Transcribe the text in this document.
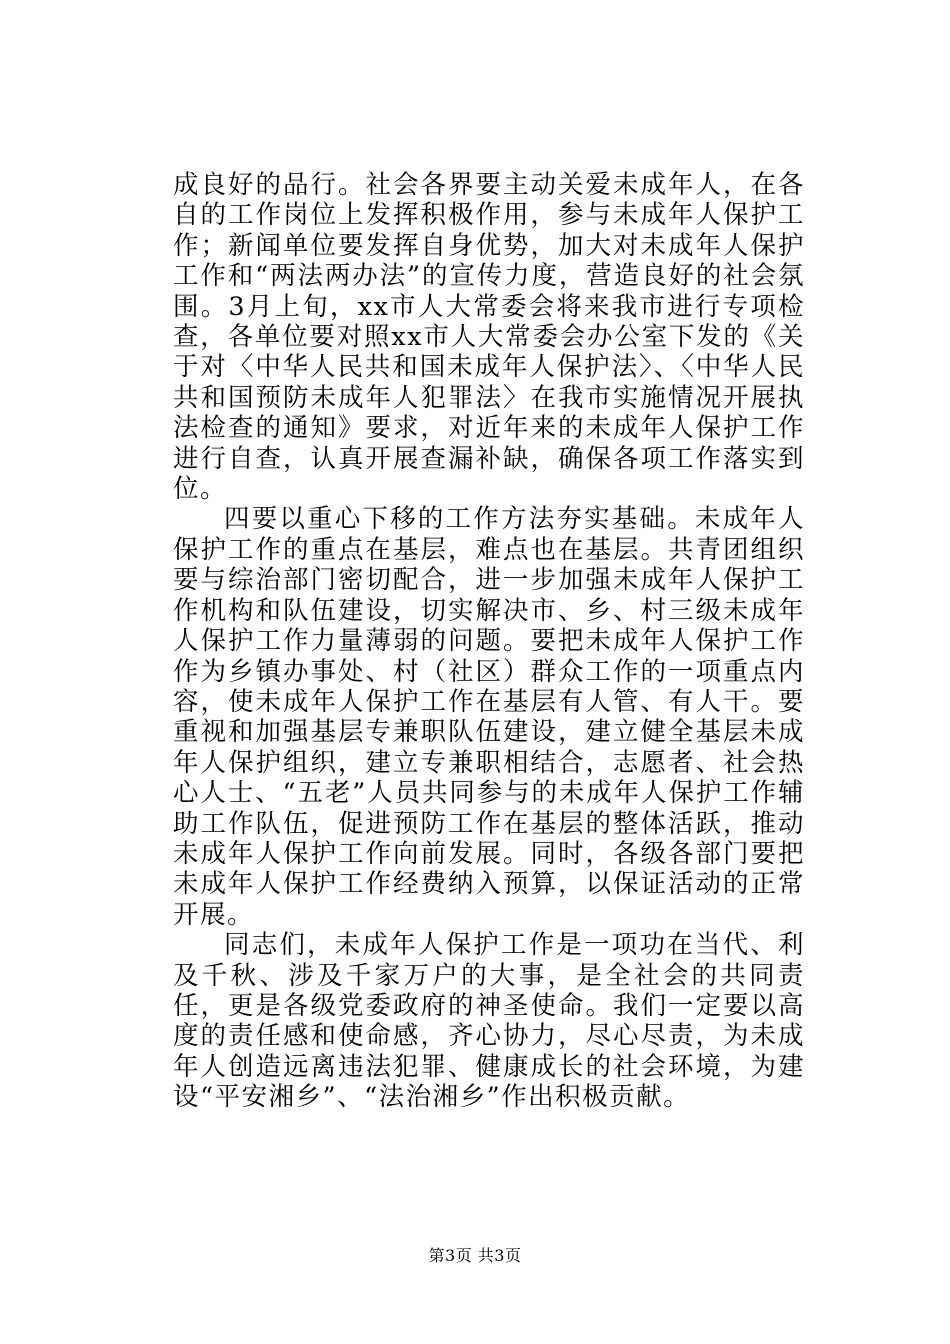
成良好的品行。社会各界要主动关爱未成年人，在各自的工作岗位上发挥积极作用，参与未成年人保护工作；新闻单位要发挥自身优势，加大对未成年人保护工作和“两法两办法”的宣传力度，营造良好的社会氛围。3月上旬，xx市人大常委会将来我市进行专项检查，各单位要对照xx市人大常委会办公室下发的《关于对〈中华人民共和国未成年人保护法〉、〈中华人民共和国预防未成年人犯罪法〉在我市实施情况开展执法检查的通知》要求，对近年来的未成年人保护工作进行自查，认真开展查漏补缺，确保各项工作落实到位。

四要以重心下移的工作方法夯实基础。未成年人保护工作的重点在基层，难点也在基层。共青团组织要与综治部门密切配合，进一步加强未成年人保护工作机构和队伍建设，切实解决市、乡、村三级未成年人保护工作力量薄弱的问题。要把未成年人保护工作作为乡镇办事处、村（社区）群众工作的一项重点内容，使未成年人保护工作在基层有人管、有人干。要重视和加强基层专兼职队伍建设，建立健全基层未成年人保护组织，建立专兼职相结合，志愿者、社会热心人士、“五老”人员共同参与的未成年人保护工作辅助工作队伍，促进预防工作在基层的整体活跃，推动未成年人保护工作向前发展。同时，各级各部门要把未成年人保护工作经费纳入预算，以保证活动的正常开展。

同志们，未成年人保护工作是一项功在当代、利及千秋、涉及千家万户的大事，是全社会的共同责任，更是各级党委政府的神圣使命。我们一定要以高度的责任感和使命感，齐心协力，尽心尽责，为未成年人创造远离违法犯罪、健康成长的社会环境，为建设“平安湘乡”、“法治湘乡”作出积极贡献。

第3页 共3页
